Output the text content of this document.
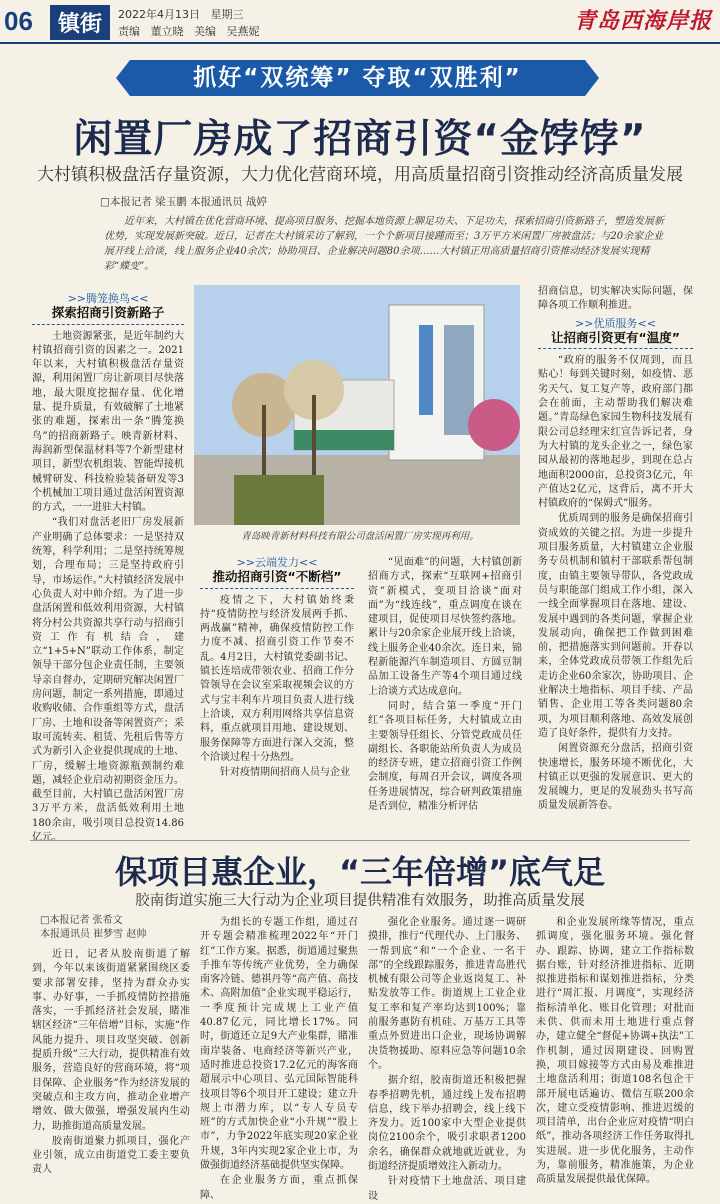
06	镇街	2022年4月13日   星期三
责编   董立晓   美编   吴燕妮	青岛西海岸报
抓好“双统筹” 夺取“双胜利”
闲置厂房成了招商引资“金饽饽”
大村镇积极盘活存量资源，大力优化营商环境，用高质量招商引资推动经济高质量发展
□本报记者 梁玉鹏 本报通讯员 战婷
近年来，大村镇在优化营商环境、提高项目服务、挖掘本地资源上聊足功夫、下足功夫，探索招商引资新路子，塑造发展新优势，实现发展新突破。近日，记者在大村镇采访了解到，一个个新项目接踵而至；3万平方米闲置厂房被盘活；与20余家企业展开线上洽谈，线上服务企业40余次；协助项目、企业解决问题80余项……大村镇正用高质量招商引资推动经济发展实现精彩“蝶变”。
>>腾笼换鸟<<
探索招商引资新路子

土地资源紧张，是近年制约大村镇招商引资的因素之一。2021年以来，大村镇积极盘活存量资源，利用闲置厂房让新项目尽快落地，最大限度挖掘存量、优化增量、提升质量，有效破解了土地紧张的难题，探索出一条“腾笼换鸟”的招商新路子。映青新材料、海润新型保温材料等7个新型建材项目，新型农机组装、智能焊接机械臂研发、科技检验装备研发等3个机械加工项目通过盘活闲置资源的方式，一一进驻大村镇。

“我们对盘活老旧厂房发展新产业明确了总体要求：一是坚持双统筹，科学利用；二是坚持统筹规划，合理布局；三是坚持政府引导，市场运作。”大村镇经济发展中心负责人对中帅介绍。为了进一步盘活闲置和低效利用资源，大村镇将分村公共资源共享行动与招商引资工作有机结合，建立“1+5+N”联动工作体系，制定领导干部分包企业责任制，主要领导亲自督办，定期研究解决闲置厂房问题，制定一系列措施，即通过收购收储、合作重组等方式，盘活厂房、土地和设备等闲置资产；采取可流转卖、租赁、先租后售等方式为新引入企业提供现成的土地、厂房，缓解土地资源瓶颈制约难题，减轻企业启动初期资金压力。截至目前，大村镇已盘活闲置厂房3万平方米，盘活低效利用土地180余亩，吸引项目总投资14.86亿元。

青岛映青新材料科技有限公司盘活闲置厂房实现再利用。
>>云端发力<<
推动招商引资“不断档”

疫情之下，大村镇始终秉持“疫情防控与经济发展两手抓、两战赢”精神，确保疫情防控工作力度不减、招商引资工作节奏不乱。4月2日，大村镇党委副书记、镇长连培成带领农业、招商工作分管领导在会议室采取视频会议的方式与宝丰利车片项目负责人进行线上洽谈，双方利用网络共享信息资料，重点就项目用地、建设规划、服务保障等方面进行深入交流，整个洽谈过程十分热烈。

针对疫情期间招商人员与企业

“见面难”的问题，大村镇创新招商方式，探索“互联网+招商引资”新模式，变项目洽谈“面对面”为“线连线”，重点调度在谈在建项目，促使项目尽快签约落地。累计与20余家企业展开线上洽谈，线上服务企业40余次。连日来，锦程新能源汽车制造项目、方圆豆制品加工设备生产等4个项目通过线上洽谈方式达成意向。

同时，结合第一季度“开门红”各项目标任务，大村镇成立由主要领导任组长、分管党政成员任副组长、各职能站所负责人为成员的经济专班，建立招商引资工作例会制度，每周召开会议，调度各项任务进展情况，综合研判政策措施是否到位，精准分析评估

招商信息，切实解决实际问题，保障各项工作顺利推进。

>>优质服务<<
让招商引资更有“温度”

“政府的服务不仅周到，而且贴心！每到关键时刻，如疫情、恶劣天气、复工复产等，政府部门都会在前面，主动帮助我们解决难题。”青岛绿色家园生物科技发展有限公司总经理宋红宣告诉记者，身为大村镇的龙头企业之一，绿色家园从最初的落地起步，到现在总占地面积2000亩，总投资3亿元，年产值达2亿元，这背后，离不开大村镇政府的“保姆式”服务。

优质周到的服务是确保招商引资成效的关键之招。为进一步提升项目服务质量，大村镇建立企业服务专员机制和镇村干部联系帮包制度，由镇主要领导带队，各党政成员与职能部门组成工作小组，深入一线全面掌握项目在落地、建设、发展中遇到的各类问题，掌握企业发展动向，确保把工作做到困难前，把措施落实到问题前。开春以来，全体党政成员带领工作组先后走访企业60余家次，协助项目、企业解决土地指标、项目手续、产品销售、企业用工等各类问题80余项，为项目顺利落地、高效发展创造了良好条件，提供有力支持。

闲置资源充分盘活，招商引资快速增长，服务环境不断优化，大村镇正以更强的发展意识、更大的发展魄力，更足的发展劲头书写高质量发展新答卷。

保项目惠企业，“三年倍增”底气足
胶南街道实施三大行动为企业项目提供精准有效服务，助推高质量发展
□本报记者 张希文
本报通讯员 崔梦雪 赵帅

近日，记者从胶南街道了解到，今年以来该街道紧紧围绕区委要求部署安排，坚持为群众办实事、办好事，一手抓疫情防控措施落实，一手抓经济社会发展，賭准辖区经济“三年倍增”目标，实施“作风能力提升、项目攻坚突破、创新提质升级”三大行动，提供精准有效服务，营造良好的营商环境，将“项目保障、企业服务”作为经济发展的突破点和主攻方向，推动企业增产增效、做大做强，增强发展内生动力，助推街道高质量发展。

胶南街道聚力抓项目，强化产业引领，成立由街道党工委主要负责人

为组长的专题工作组，通过召开专题会精准梳理2022年“开门红”工作方案。据悉，街道通过聚焦手推车等传统产业优势，全力确保南客冷链、德祺丹等“高产值、高技术、高附加值”企业实现平稳运行，一季度预计完成规上工业产值40.87亿元，同比增长17%。同时，街道还立足9大产业集群，賭准南岸装备、电商经济等新兴产业，适时推进总投资17.2亿元的海客商超展示中心项目、弘元国际智能科技项目等6个项目开工建设；建立升规上市潜力库，以“专人专员专班”的方式加快企业“小升规”“股上市”，力争2022年底实现20家企业升规，3年内实现2家企业上市，为做强街道经济基础提供坚实保障。

在企业服务方面，重点抓保障、

强化企业服务。通过逐一调研摸排，推行“代理代办、上门服务、一帮到底”和“一个企业、一名干部”的全线跟踪服务，推进青岛胜代机械有限公司等企业返岗复工、补贴发放等工作。街道规上工业企业复工率和复产率均达到100%；靠前服务惠防有机硅、万基万工具等重点外贸进出口企业，现场协调解决货物援助、原料应急等问题10余个。

据介绍，胶南街道还积极把握春季招聘先机，通过线上发布招聘信息，线下举办招聘会，线上线下齐发力。近100家中大型企业提供岗位2100余个，吸引求职者1200余名，确保群众就地就近就业，为街道经济提质增效注入新动力。

针对疫情下土地盘活、项目建设

和企业发展所缘等情况，重点抓调度，强化服务环境。强化督办、跟踪、协调，建立工作指标数据台账，针对经济推进指标、近期拟推进指标和谋划推进指标，分类进行“周汇报、月调度”，实现经济指标清单化、账目化管理；对批而未供、供而未用土地进行重点督办，建立健全“督促+协调+执法”工作机制，通过因期建设、回购置换，项目嫁接等方式由易及难推进土地盘活利用；街道108名包企干部开展电话遍访、微信互联200余次，建立受疫情影响、推进迟缓的项目清单，出台企业应对疫情“明白纸”，推动各项经济工作任务取得扎实进展。进一步优化服务，主动作为，靠前服务，精准施策，为企业高质量发展提供最优保障。
